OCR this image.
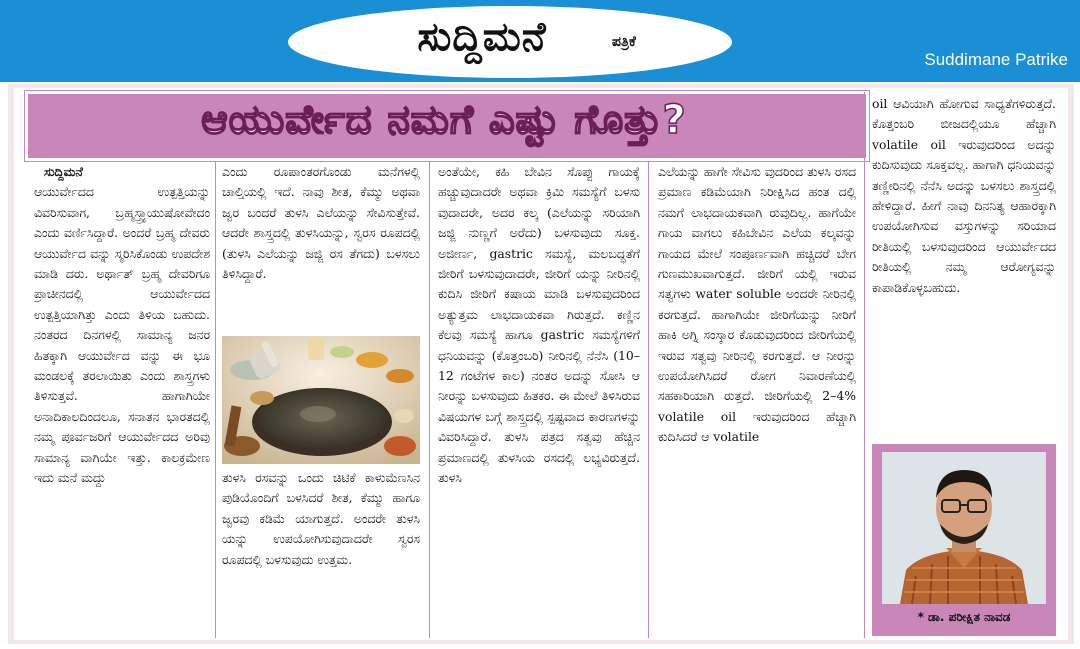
ಸುದ್ದಿಮನೆ	ಪತ್ರಿಕೆ
Suddimane Patrike
ಆಯುರ್ವೇದ ನಮಗೆ ಎಷ್ಟು ಗೊತ್ತು?
ಸುದ್ದಿಮನೆ
ಆಯುರ್ವೇದದ ಉತ್ಪತ್ತಿಯನ್ನು ವಿವರಿಸುವಾಗ, ಬ್ರಹ್ಮಸ್ತ್ರ್ಯಾಯುಷೋವೇದಂ ಎಂದು ವರ್ಣಿಸಿದ್ದಾರೆ. ಅಂದರೆ ಬ್ರಹ್ಮ ದೇವರು ಆಯುರ್ವೇದ ವನ್ನು ಸ್ಮರಿಸಿಕೊಂಡು ಉಪದೇಶ ಮಾಡಿ ದರು. ಅರ್ಥಾತ್ ಬ್ರಹ್ಮ ದೇವರಿಗೂ ಪ್ರಾಚೀನದಲ್ಲಿ ಆಯುರ್ವೇದದ ಉತ್ಪತ್ತಿಯಾಗಿತ್ತು ಎಂದು ತಿಳಿಯ ಬಹುದು. ನಂತರದ ದಿನಗಳಲ್ಲಿ ಸಾಮಾನ್ಯ ಜನರ ಹಿತಕ್ಕಾಗಿ ಆಯುರ್ವೇದ ವನ್ನು ಈ ಭೂ ಮಂಡಲಕ್ಕೆ ತರಲಾಯಿತು ಎಂದು ಶಾಸ್ತ್ರಗಳು ತಿಳಿಸುತ್ತವೆ. ಹಾಗಾಗಿಯೇ ಅನಾದಿಕಾಲದಿಂದಲೂ, ಸನಾತನ ಭಾರತದಲ್ಲಿ ನಮ್ಮ ಪೂರ್ವಜರಿಗೆ ಆಯುರ್ವೇದದ ಅರಿವು ಸಾಮಾನ್ಯ ವಾಗಿಯೇ ಇತ್ತು. ಕಾಲಕ್ರಮೇಣ ಇದು ಮನೆ ಮದ್ದು
ಎಂದು ರೂಪಾಂತರಗೊಂಡು ಮನೆಗಳಲ್ಲಿ ಚಾಲ್ತಿಯಲ್ಲಿ ಇದೆ. ನಾವು ಶೀತ, ಕೆಮ್ಮು ಅಥವಾ ಜ್ವರ ಬಂದರೆ ತುಳಸಿ ಎಲೆಯನ್ನು ಸೇವಿಸುತ್ತೇವೆ. ಆದರೇ ಶಾಸ್ತ್ರದಲ್ಲಿ ತುಳಸಿಯನ್ನು, ಸ್ವರಸ ರೂಪದಲ್ಲಿ (ತುಳಸಿ ಎಲೆಯನ್ನು ಜಜ್ಜಿ ರಸ ತೆಗದು) ಬಳಸಲು ತಿಳಿಸಿದ್ದಾರೆ.
ತುಳಸಿ ರಸವನ್ನು ಒಂದು ಚಿಟಿಕೆ ಕಾಳುಮೆಣಸಿನ ಪುಡಿಯೊಂದಿಗೆ ಬಳಸಿದರೆ ಶೀತ, ಕೆಮ್ಮು ಹಾಗೂ ಜ್ವರವು ಕಡಿಮೆ ಯಾಗುತ್ತದೆ. ಅಂದರೇ ತುಳಸಿ ಯನ್ನು ಉಪಯೋಗಿಸುವುದಾದರೇ ಸ್ವರಸ ರೂಪದಲ್ಲಿ ಬಳಸುವುದು ಉತ್ತಮ.
ಅಂತೆಯೇ, ಕಹಿ ಬೇವಿನ ಸೊಪ್ಪು ಗಾಯಕ್ಕೆ ಹಚ್ಚುವುದಾದರೇ ಅಥವಾ ಕ್ರಿಮಿ ಸಮಸ್ಯೆಗೆ ಬಳಸು ವುದಾದರೇ, ಅದರ ಕಲ್ಕ (ಎಲೆಯನ್ನು ಸರಿಯಾಗಿ ಜಜ್ಜಿ ನುಣ್ಣಗೆ ಅರೆದು) ಬಳಸುವುದು ಸೂಕ್ತ. ಅಜೀರ್ಣ, gastric ಸಮಸ್ಯೆ, ಮಲಬದ್ಧತೆಗೆ ಜೀರಿಗೆ ಬಳಸುವುದಾದರೇ, ಜೀರಿಗೆ ಯನ್ನು ನೀರಿನಲ್ಲಿ ಕುದಿಸಿ ಜೀರಿಗೆ ಕಷಾಯ ಮಾಡಿ ಬಳಸುವುದರಿಂದ ಅತ್ಯುತ್ತಮ ಲಾಭದಾಯಕವಾ ಗಿರುತ್ತದೆ. ಕಣ್ಣಿನ ಕೆಲವು ಸಮಸ್ಯೆ ಹಾಗೂ gastric ಸಮಸ್ಯೆಗಳಿಗೆ ಧನಿಯವನ್ನು (ಕೊತ್ತಂಬರಿ) ನೀರಿನಲ್ಲಿ ನೆನೆಸಿ (10–12 ಗಂಟೆಗಳ ಕಾಲ) ನಂತರ ಅದನ್ನು ಸೋಸಿ ಆ ನೀರನ್ನು ಬಳಸುವುದು ಹಿತಕರ. ಈ ಮೇಲೆ ತಿಳಿಸಿರುವ ವಿಷಯಗಳ ಬಗ್ಗೆ ಶಾಸ್ತ್ರದಲ್ಲಿ ಸ್ಪಷ್ಟವಾದ ಕಾರಣಗಳನ್ನು ವಿವರಿಸಿದ್ದಾರೆ. ತುಳಸಿ ಪತ್ರದ ಸತ್ವವು ಹೆಚ್ಚಿನ ಪ್ರಮಾಣದಲ್ಲಿ ತುಳಸಿಯ ರಸದಲ್ಲಿ ಲಭ್ಯವಿರುತ್ತದೆ. ತುಳಸಿ
ಎಲೆಯನ್ನು ಹಾಗೇ ಸೇವಿಸು ವುದರಿಂದ ತುಳಸಿ ರಸದ ಪ್ರಮಾಣ ಕಡಿಮೆಯಾಗಿ ನಿರೀಕ್ಷಿಸಿದ ಹಂತ ದಲ್ಲಿ ನಮಗೆ ಲಾಭದಾಯಕವಾಗಿ ರುವುದಿಲ್ಲ. ಹಾಗೆಯೇ ಗಾಯ ವಾಗಲು ಕಹಿಬೇವಿನ ಎಲೆಯ ಕಲ್ಕವನ್ನು ಗಾಯದ ಮೇಲೆ ಸಂಪೂರ್ಣವಾಗಿ ಹಚ್ಚಿದರೆ ಬೇಗ ಗುಣಮುಖವಾಗುತ್ತದೆ. ಜೀರಿಗೆ ಯಲ್ಲಿ ಇರುವ ಸತ್ವಗಳು water soluble ಅಂದರೇ ನೀರಿನಲ್ಲಿ ಕರಗುತ್ತದೆ. ಹಾಗಾಗಿಯೇ ಜೀರಿಗೆಯನ್ನು ನೀರಿಗೆ ಹಾಕಿ ಅಗ್ನಿ ಸಂಸ್ಕಾರ ಕೊಡುವುದರಿಂದ ಜೀರಿಗೆಯಲ್ಲಿ ಇರುವ ಸತ್ವವು ನೀರಿನಲ್ಲಿ ಕರಗುತ್ತದೆ. ಆ ನೀರನ್ನು ಉಪಯೋಗಿಸಿದರೆ ರೋಗ ನಿವಾರಣೆಯಲ್ಲಿ ಸಹಕಾರಿಯಾಗಿ ರುತ್ತದೆ. ಜೀರಿಗೆಯಲ್ಲಿ 2–4% volatile oil ಇರುವುದರಿಂದ ಹೆಚ್ಚಾಗಿ ಕುದಿಸಿದರೆ ಆ volatile
oil ಆವಿಯಾಗಿ ಹೋಗುವ ಸಾಧ್ಯತೆಗಳಿರುತ್ತದೆ. ಕೊತ್ತಂಬರಿ ಬೀಜದಲ್ಲಿಯೂ ಹೆಚ್ಚಾಗಿ volatile oil ಇರುವುದರಿಂದ ಅದನ್ನು ಕುದಿಸುವುದು ಸೂಕ್ತವಲ್ಲ. ಹಾಗಾಗಿ ಧನಿಯವನ್ನು ತಣ್ಣೀರಿನಲ್ಲಿ ನೆನೆಸಿ ಅದನ್ನು ಬಳಸಲು ಶಾಸ್ತ್ರದಲ್ಲಿ ಹೇಳಿದ್ದಾರೆ. ಹೀಗೆ ನಾವು ದಿನನಿತ್ಯ ಆಹಾರಕ್ಕಾಗಿ ಉಪಯೋಗಿಸುವ ವಸ್ತುಗಳನ್ನು ಸರಿಯಾದ ರೀತಿಯಲ್ಲಿ ಬಳಸುವುದರಿಂದ ಆಯುರ್ವೇದದ ರೀತಿಯಲ್ಲಿ ನಮ್ಮ ಆರೋಗ್ಯವನ್ನು ಕಾಪಾಡಿಕೊಳ್ಳಬಹುದು.
* ಡಾ. ಪರೀಕ್ಷಿತ ನಾವಡ
